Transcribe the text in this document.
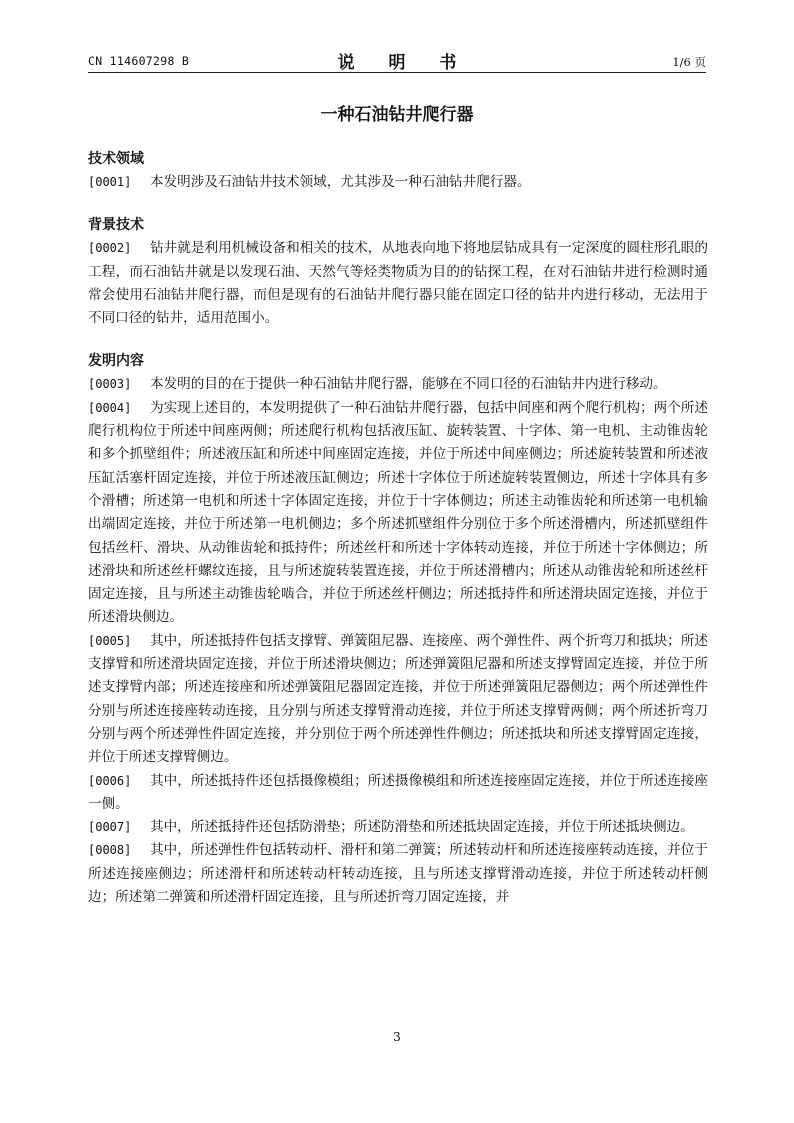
CN 114607298 B	说 明 书	1/6 页
一种石油钻井爬行器
技术领域
[0001] 本发明涉及石油钻井技术领域，尤其涉及一种石油钻井爬行器。
背景技术
[0002] 钻井就是利用机械设备和相关的技术，从地表向地下将地层钻成具有一定深度的圆柱形孔眼的工程，而石油钻井就是以发现石油、天然气等烃类物质为目的的钻探工程，在对石油钻井进行检测时通常会使用石油钻井爬行器，而但是现有的石油钻井爬行器只能在固定口径的钻井内进行移动，无法用于不同口径的钻井，适用范围小。
发明内容
[0003] 本发明的目的在于提供一种石油钻井爬行器，能够在不同口径的石油钻井内进行移动。
[0004] 为实现上述目的，本发明提供了一种石油钻井爬行器，包括中间座和两个爬行机构；两个所述爬行机构位于所述中间座两侧；所述爬行机构包括液压缸、旋转装置、十字体、第一电机、主动锥齿轮和多个抓壁组件；所述液压缸和所述中间座固定连接，并位于所述中间座侧边；所述旋转装置和所述液压缸活塞杆固定连接，并位于所述液压缸侧边；所述十字体位于所述旋转装置侧边，所述十字体具有多个滑槽；所述第一电机和所述十字体固定连接，并位于十字体侧边；所述主动锥齿轮和所述第一电机输出端固定连接，并位于所述第一电机侧边；多个所述抓壁组件分别位于多个所述滑槽内，所述抓壁组件包括丝杆、滑块、从动锥齿轮和抵持件；所述丝杆和所述十字体转动连接，并位于所述十字体侧边；所述滑块和所述丝杆螺纹连接，且与所述旋转装置连接，并位于所述滑槽内；所述从动锥齿轮和所述丝杆固定连接，且与所述主动锥齿轮啮合，并位于所述丝杆侧边；所述抵持件和所述滑块固定连接，并位于所述滑块侧边。
[0005] 其中，所述抵持件包括支撑臂、弹簧阻尼器、连接座、两个弹性件、两个折弯刀和抵块；所述支撑臂和所述滑块固定连接，并位于所述滑块侧边；所述弹簧阻尼器和所述支撑臂固定连接，并位于所述支撑臂内部；所述连接座和所述弹簧阻尼器固定连接，并位于所述弹簧阻尼器侧边；两个所述弹性件分别与所述连接座转动连接，且分别与所述支撑臂滑动连接，并位于所述支撑臂两侧；两个所述折弯刀分别与两个所述弹性件固定连接，并分别位于两个所述弹性件侧边；所述抵块和所述支撑臂固定连接，并位于所述支撑臂侧边。
[0006] 其中，所述抵持件还包括摄像模组；所述摄像模组和所述连接座固定连接，并位于所述连接座一侧。
[0007] 其中，所述抵持件还包括防滑垫；所述防滑垫和所述抵块固定连接，并位于所述抵块侧边。
[0008] 其中，所述弹性件包括转动杆、滑杆和第二弹簧；所述转动杆和所述连接座转动连接，并位于所述连接座侧边；所述滑杆和所述转动杆转动连接，且与所述支撑臂滑动连接，并位于所述转动杆侧边；所述第二弹簧和所述滑杆固定连接，且与所述折弯刀固定连接，并
3
